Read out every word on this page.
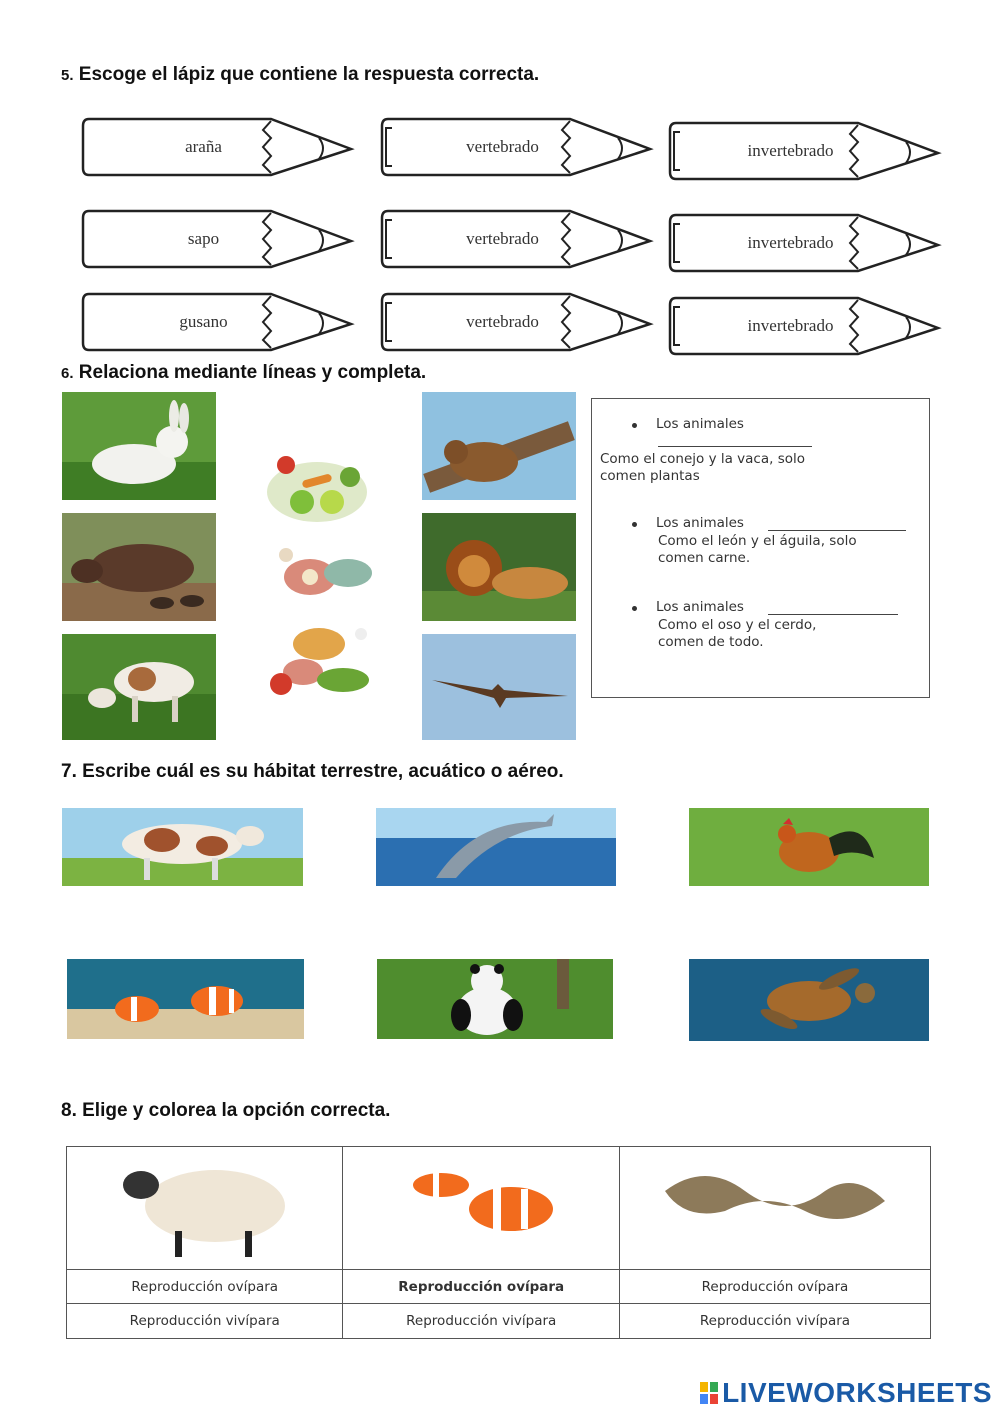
5. Escoge el lápiz que contiene la respuesta correcta.
araña	vertebrado	invertebrado
sapo	vertebrado	invertebrado
gusano	vertebrado	invertebrado
6. Relaciona mediante líneas y completa.
Los animales
Como el conejo y la vaca, solo
comen plantas
Los animales
Como el león y el águila, solo
comen carne.
Los animales
Como el oso y el cerdo,
comen de todo.
7. Escribe cuál es su hábitat terrestre, acuático o aéreo.
8. Elige y colorea la opción correcta.

Reproducción ovípara	Reproducción ovípara	Reproducción ovípara
Reproducción vivípara	Reproducción vivípara	Reproducción vivípara
LIVEWORKSHEETS
